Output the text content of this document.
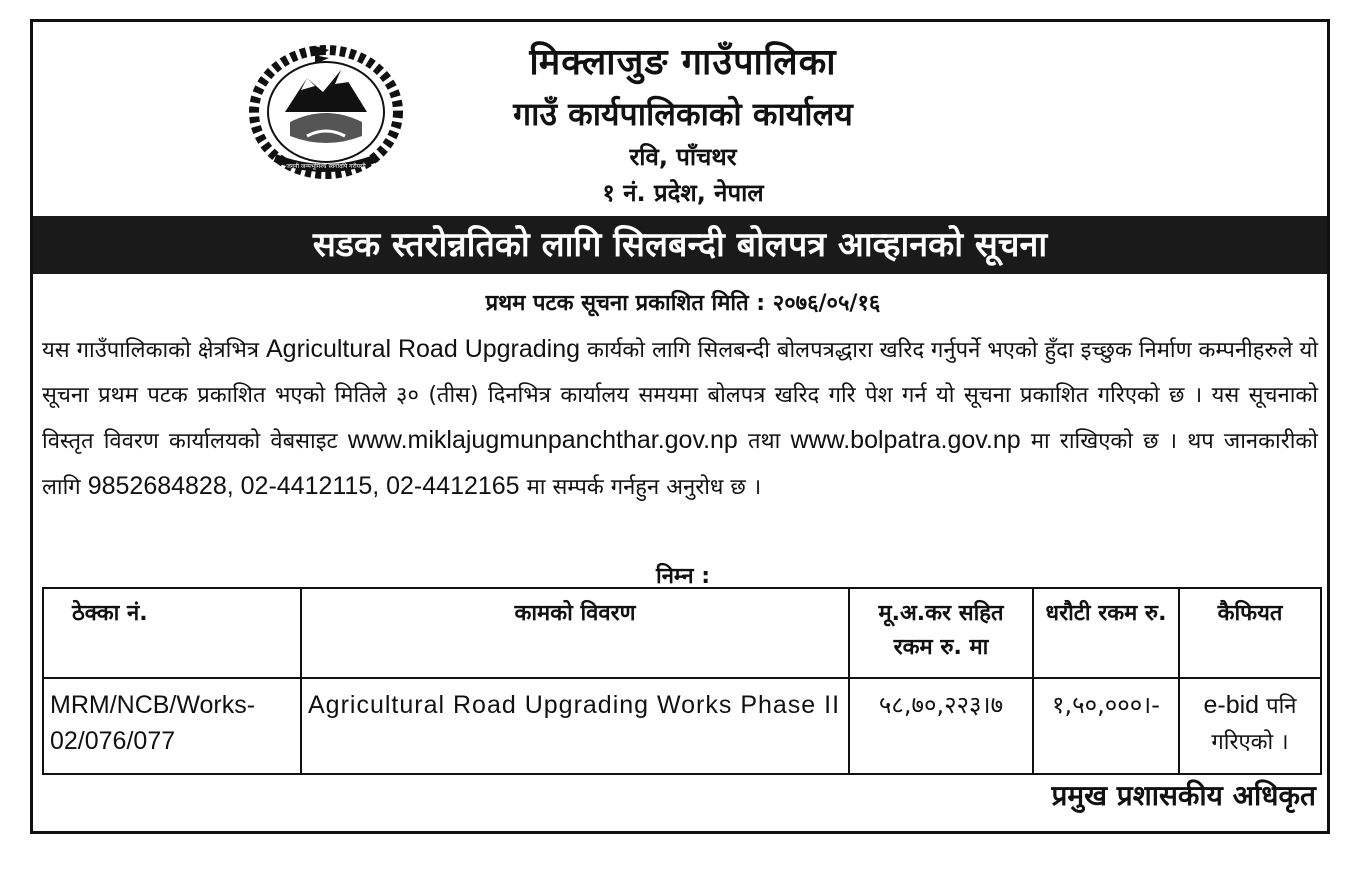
जननी जन्मभूमिश्च स्वर्गादपि गरीयसी
मिक्लाजुङ गाउँपालिका
गाउँ कार्यपालिकाको कार्यालय
रवि, पाँचथर
१ नं. प्रदेश, नेपाल
सडक स्तरोन्नतिको लागि सिलबन्दी बोलपत्र आव्हानको सूचना
प्रथम पटक सूचना प्रकाशित मिति : २०७६/०५/१६
यस गाउँपालिकाको क्षेत्रभित्र Agricultural Road Upgrading कार्यको लागि सिलबन्दी बोलपत्रद्धारा खरिद गर्नुपर्ने भएको हुँदा इच्छुक निर्माण कम्पनीहरुले यो सूचना प्रथम पटक प्रकाशित भएको मितिले ३० (तीस) दिनभित्र कार्यालय समयमा बोलपत्र खरिद गरि पेश गर्न यो सूचना प्रकाशित गरिएको छ । यस सूचनाको विस्तृत विवरण कार्यालयको वेबसाइट www.miklajugmunpanchthar.gov.np तथा www.bolpatra.gov.np मा राखिएको छ । थप जानकारीको लागि 9852684828, 02-4412115, 02-4412165 मा सम्पर्क गर्नहुन अनुरोध छ ।
निम्न :
ठेक्का नं.	कामको विवरण	मू.अ.कर सहित रकम रु. मा	धरौटी रकम रु.	कैफियत
MRM/NCB/Works-02/076/077	Agricultural Road Upgrading Works Phase II	५८,७०,२२३।७	१,५०,०००।-	e-bid पनि गरिएको ।
प्रमुख प्रशासकीय अधिकृत
